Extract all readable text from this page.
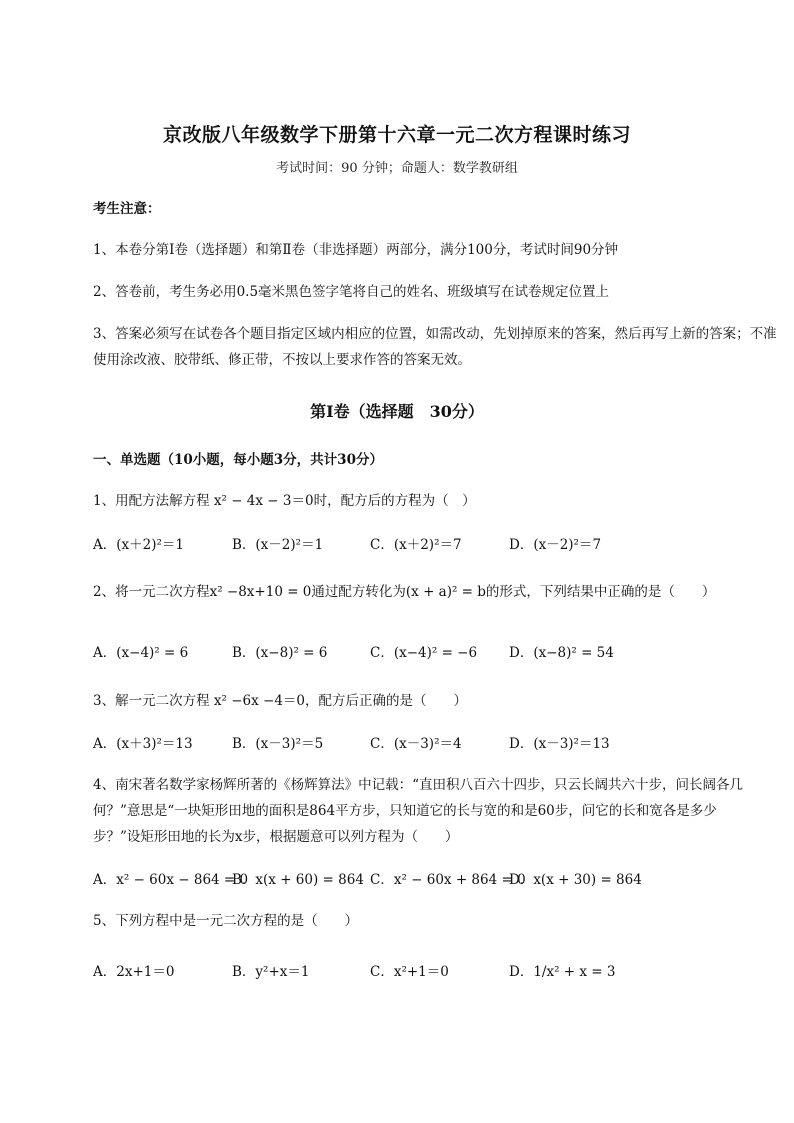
京改版八年级数学下册第十六章一元二次方程课时练习
考试时间：90 分钟；命题人：数学教研组
考生注意：
1、本卷分第Ⅰ卷（选择题）和第Ⅱ卷（非选择题）两部分，满分100分，考试时间90分钟
2、答卷前，考生务必用0.5毫米黑色签字笔将自己的姓名、班级填写在试卷规定位置上
3、答案必须写在试卷各个题目指定区域内相应的位置，如需改动，先划掉原来的答案，然后再写上新的答案；不准使用涂改液、胶带纸、修正带，不按以上要求作答的答案无效。
第Ⅰ卷（选择题　30分）
一、单选题（10小题，每小题3分，共计30分）
1、用配方法解方程 x² − 4x − 3＝0时，配方后的方程为（　）
A．(x＋2)²＝1	B．(x－2)²＝1	C．(x＋2)²＝7	D．(x－2)²＝7
2、将一元二次方程x² −8x+10 = 0通过配方转化为(x + a)² = b的形式，下列结果中正确的是（　　）
A．(x−4)² = 6	B．(x−8)² = 6	C．(x−4)² = −6 D．(x−8)² = 54
3、解一元二次方程 x² −6x −4＝0，配方后正确的是（　　）
A．(x＋3)²＝13	B．(x－3)²＝5	C．(x－3)²＝4	D．(x－3)²＝13
4、南宋著名数学家杨辉所著的《杨辉算法》中记载：“直田积八百六十四步，只云长阔共六十步，问长阔各几何？”意思是“一块矩形田地的面积是864平方步，只知道它的长与宽的和是60步，问它的长和宽各是多少步？”设矩形田地的长为x步，根据题意可以列方程为（　　）
A．x² − 60x − 864 = 0
B．x(x + 60) = 864 C．x² − 60x + 864 = 0
D．x(x + 30) = 864
5、下列方程中是一元二次方程的是（　　）
A．2x+1＝0	B．y²+x＝1	C．x²+1＝0	D．1/x² + x = 3
